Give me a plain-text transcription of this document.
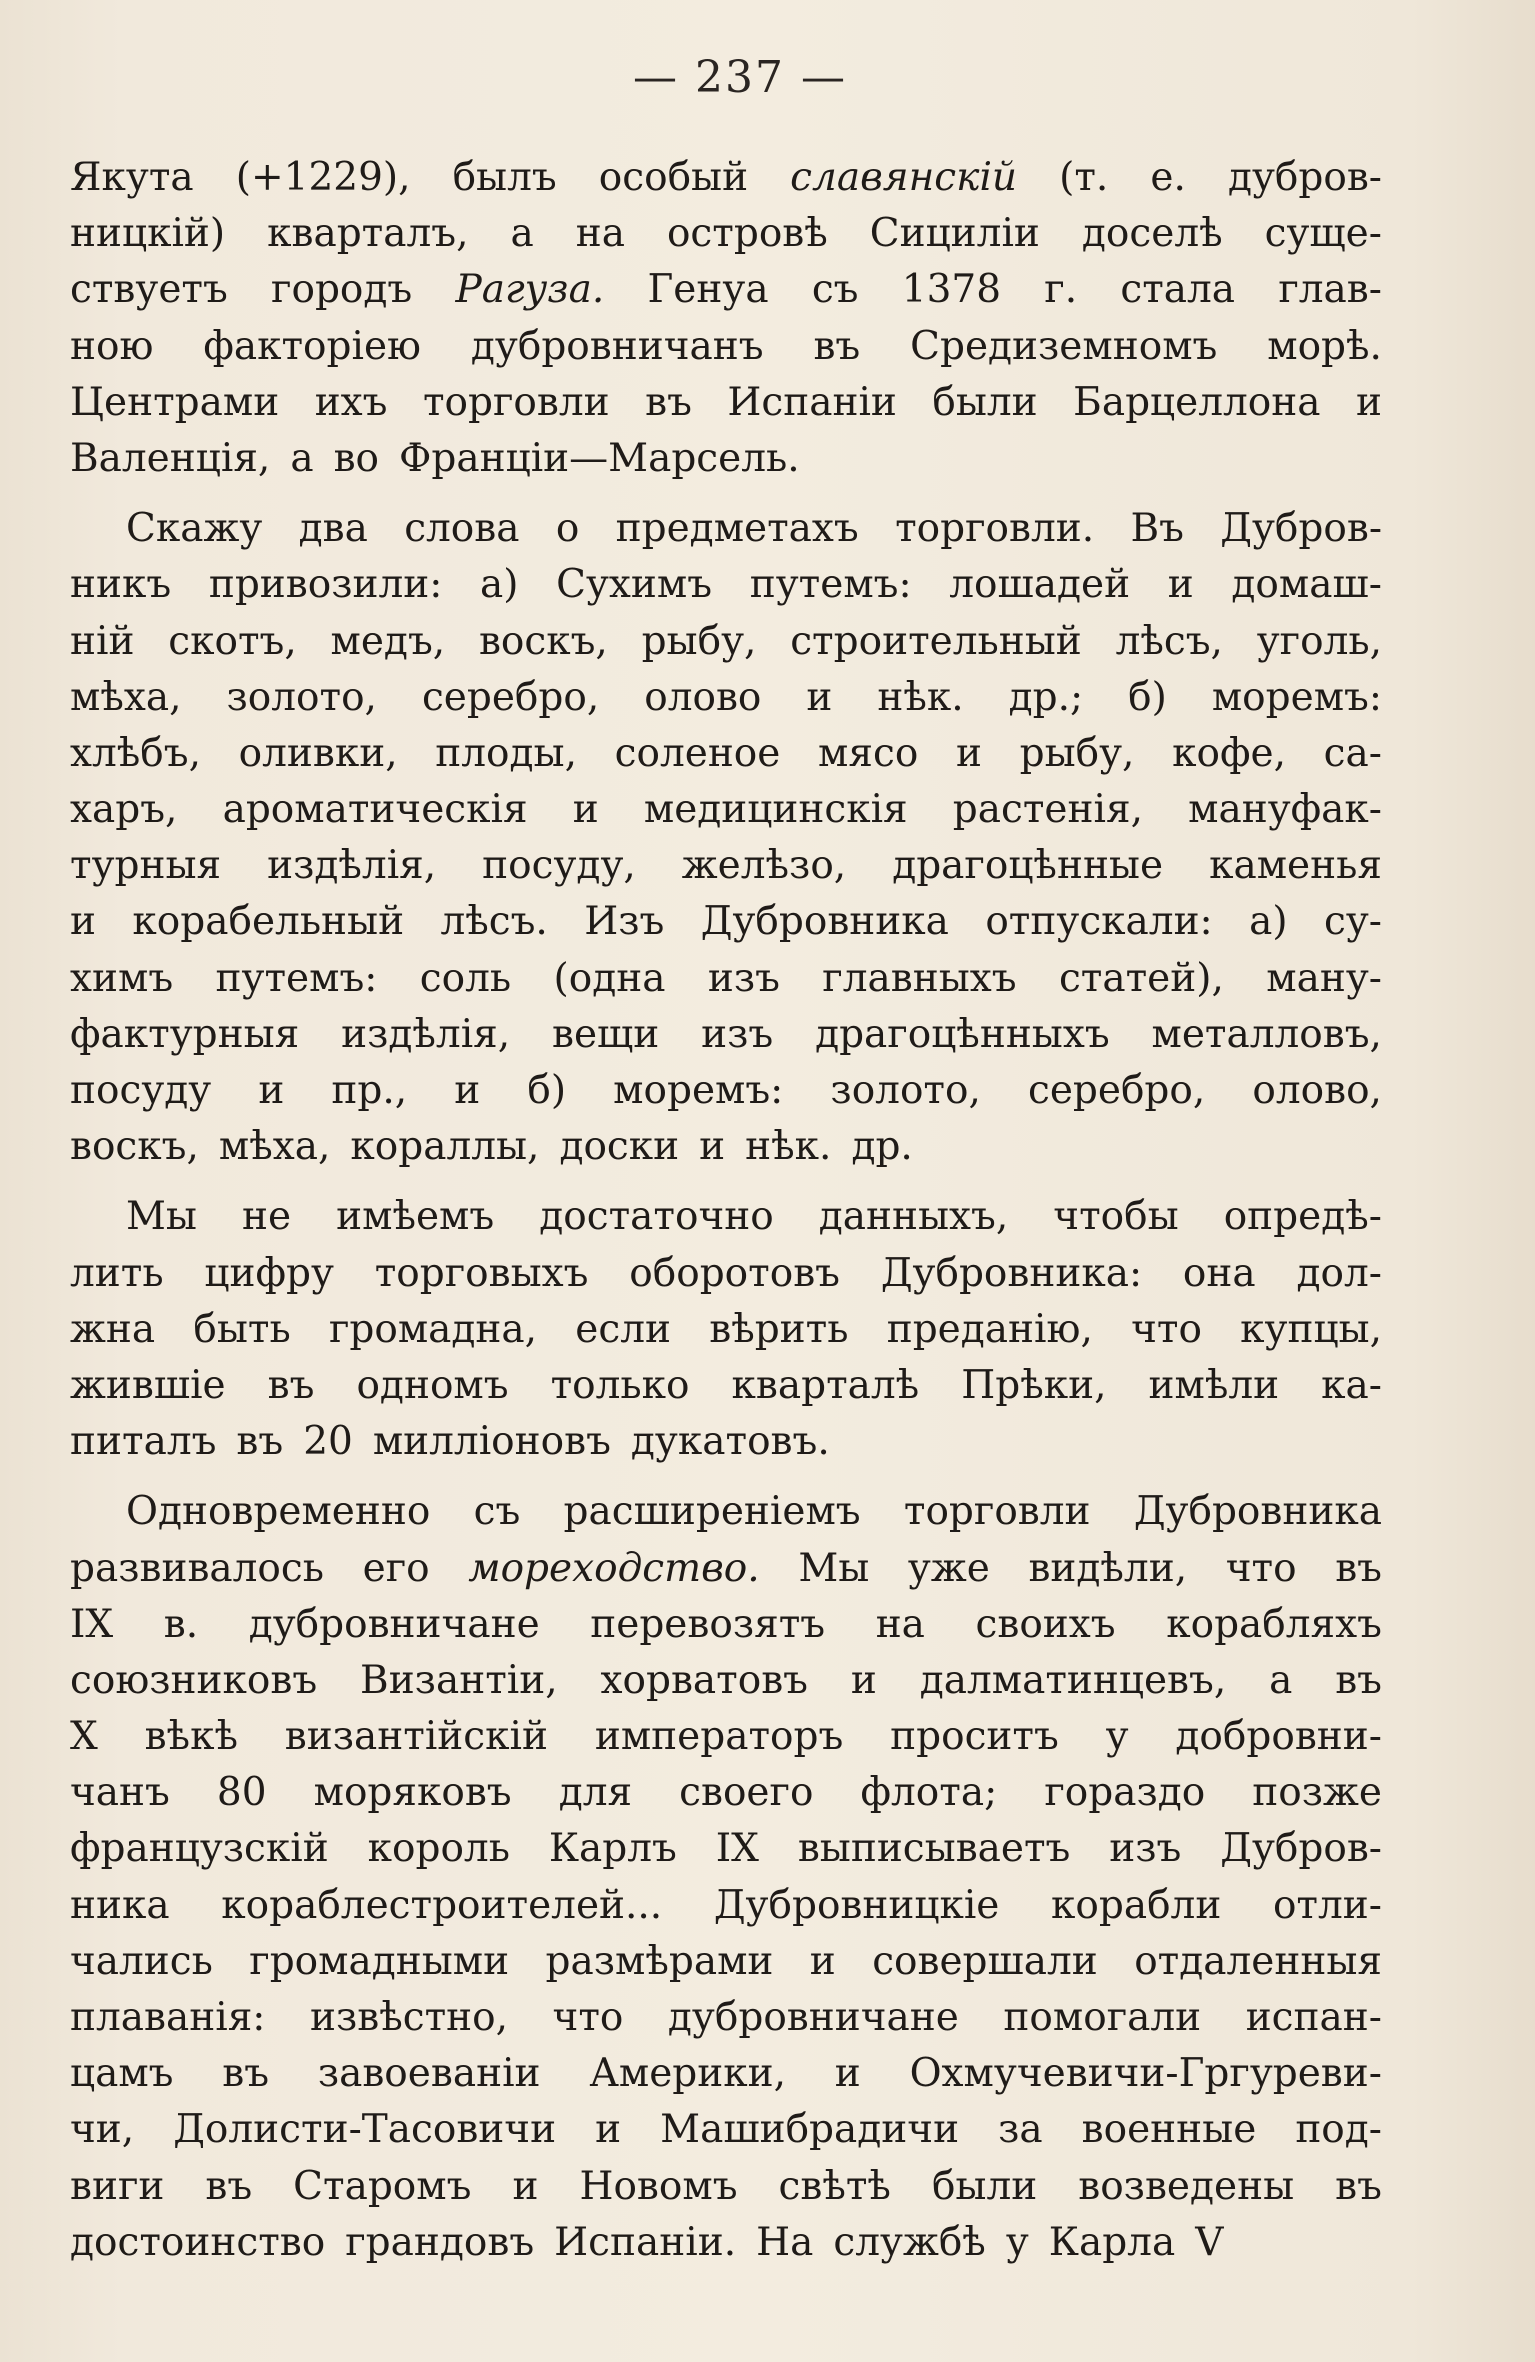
— 237 —
Якута (+1229), былъ особый славянскій (т. е. дубров-
ницкій) кварталъ, а на островѣ Сициліи доселѣ суще-
ствуетъ городъ Рагуза. Генуа съ 1378 г. стала глав-
ною факторіею дубровничанъ въ Средиземномъ морѣ.
Центрами ихъ торговли въ Испаніи были Барцеллона и
Валенція, а во Франціи—Марсель.
Скажу два слова о предметахъ торговли. Въ Дубров-
никъ привозили: а) Сухимъ путемъ: лошадей и домаш-
ній скотъ, медъ, воскъ, рыбу, строительный лѣсъ, уголь,
мѣха, золото, серебро, олово и нѣк. др.; б) моремъ:
хлѣбъ, оливки, плоды, соленое мясо и рыбу, кофе, са-
харъ, ароматическія и медицинскія растенія, мануфак-
турныя издѣлія, посуду, желѣзо, драгоцѣнные каменья
и корабельный лѣсъ. Изъ Дубровника отпускали: а) су-
химъ путемъ: соль (одна изъ главныхъ статей), ману-
фактурныя издѣлія, вещи изъ драгоцѣнныхъ металловъ,
посуду и пр., и б) моремъ: золото, серебро, олово,
воскъ, мѣха, кораллы, доски и нѣк. др.
Мы не имѣемъ достаточно данныхъ, чтобы опредѣ-
лить цифру торговыхъ оборотовъ Дубровника: она дол-
жна быть громадна, если вѣрить преданію, что купцы,
жившіе въ одномъ только кварталѣ Прѣки, имѣли ка-
питалъ въ 20 милліоновъ дукатовъ.
Одновременно съ расширеніемъ торговли Дубровника
развивалось его мореходство. Мы уже видѣли, что въ
IX в. дубровничане перевозятъ на своихъ корабляхъ
союзниковъ Византіи, хорватовъ и далматинцевъ, а въ
X вѣкѣ византійскій императоръ проситъ у добровни-
чанъ 80 моряковъ для своего флота; гораздо позже
французскій король Карлъ IX выписываетъ изъ Дубров-
ника кораблестроителей... Дубровницкіе корабли отли-
чались громадными размѣрами и совершали отдаленныя
плаванія: извѣстно, что дубровничане помогали испан-
цамъ въ завоеваніи Америки, и Охмучевичи-Гргуреви-
чи, Долисти-Тасовичи и Машибрадичи за военные под-
виги въ Старомъ и Новомъ свѣтѣ были возведены въ
достоинство грандовъ Испаніи. На службѣ у Карла V
